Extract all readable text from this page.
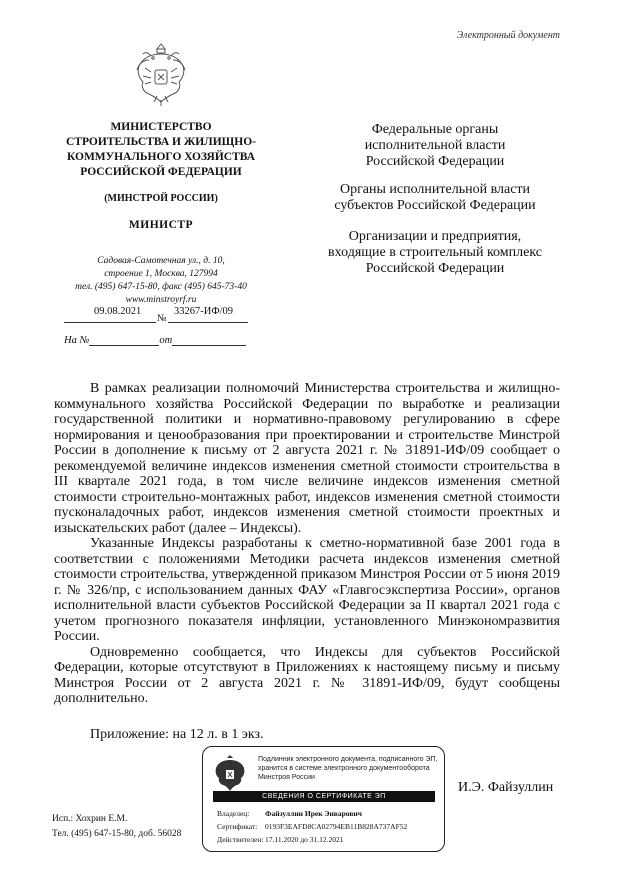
Электронный документ
МИНИСТЕРСТВО
СТРОИТЕЛЬСТВА И ЖИЛИЩНО-
КОММУНАЛЬНОГО ХОЗЯЙСТВА
РОССИЙСКОЙ ФЕДЕРАЦИИ
(МИНСТРОЙ РОССИИ)
МИНИСТР
Садовая-Самотечная ул., д. 10,
строение 1, Москва, 127994
тел. (495) 647-15-80, факс (495) 645-73-40
www.minstroyrf.ru
09.08.2021	33267-ИФ/09
№
На №	от
Федеральные органы
исполнительной власти
Российской Федерации
Органы исполнительной власти
субъектов Российской Федерации
Организации и предприятия,
входящие в строительный комплекс
Российской Федерации

В рамках реализации полномочий Министерства строительства и жилищно-коммунального хозяйства Российской Федерации по выработке и реализации государственной политики и нормативно-правовому регулированию в сфере нормирования и ценообразования при проектировании и строительстве Минстрой России в дополнение к письму от 2 августа 2021 г. № 31891-ИФ/09 сообщает о рекомендуемой величине индексов изменения сметной стоимости строительства в III квартале 2021 года, в том числе величине индексов изменения сметной стоимости строительно-монтажных работ, индексов изменения сметной стоимости пусконаладочных работ, индексов изменения сметной стоимости проектных и изыскательских работ (далее – Индексы).

Указанные Индексы разработаны к сметно-нормативной базе 2001 года в соответствии с положениями Методики расчета индексов изменения сметной стоимости строительства, утвержденной приказом Минстроя России от 5 июня 2019 г. № 326/пр, с использованием данных ФАУ «Главгосэкспертиза России», органов исполнительной власти субъектов Российской Федерации за II квартал 2021 года с учетом прогнозного показателя инфляции, установленного Минэкономразвития России.

Одновременно сообщается, что Индексы для субъектов Российской Федерации, которые отсутствуют в Приложениях к настоящему письму и письму Минстроя России от 2 августа 2021 г. № 31891-ИФ/09, будут сообщены дополнительно.

Приложение: на 12 л. в 1 экз.
Подлинник электронного документа, подписанного ЭП, хранится в системе электронного документооборота Минстроя России
СВЕДЕНИЯ О СЕРТИФИКАТЕ ЭП
Владелец: Файзуллин Ирек Энварович
Сертификат: 0193F3EAFD8CA02794EB11B828A737AF52
Действителен: 17.11.2020 до 31.12.2021
И.Э. Файзуллин
Исп.: Хохрин Е.М.
Тел. (495) 647-15-80, доб. 56028
